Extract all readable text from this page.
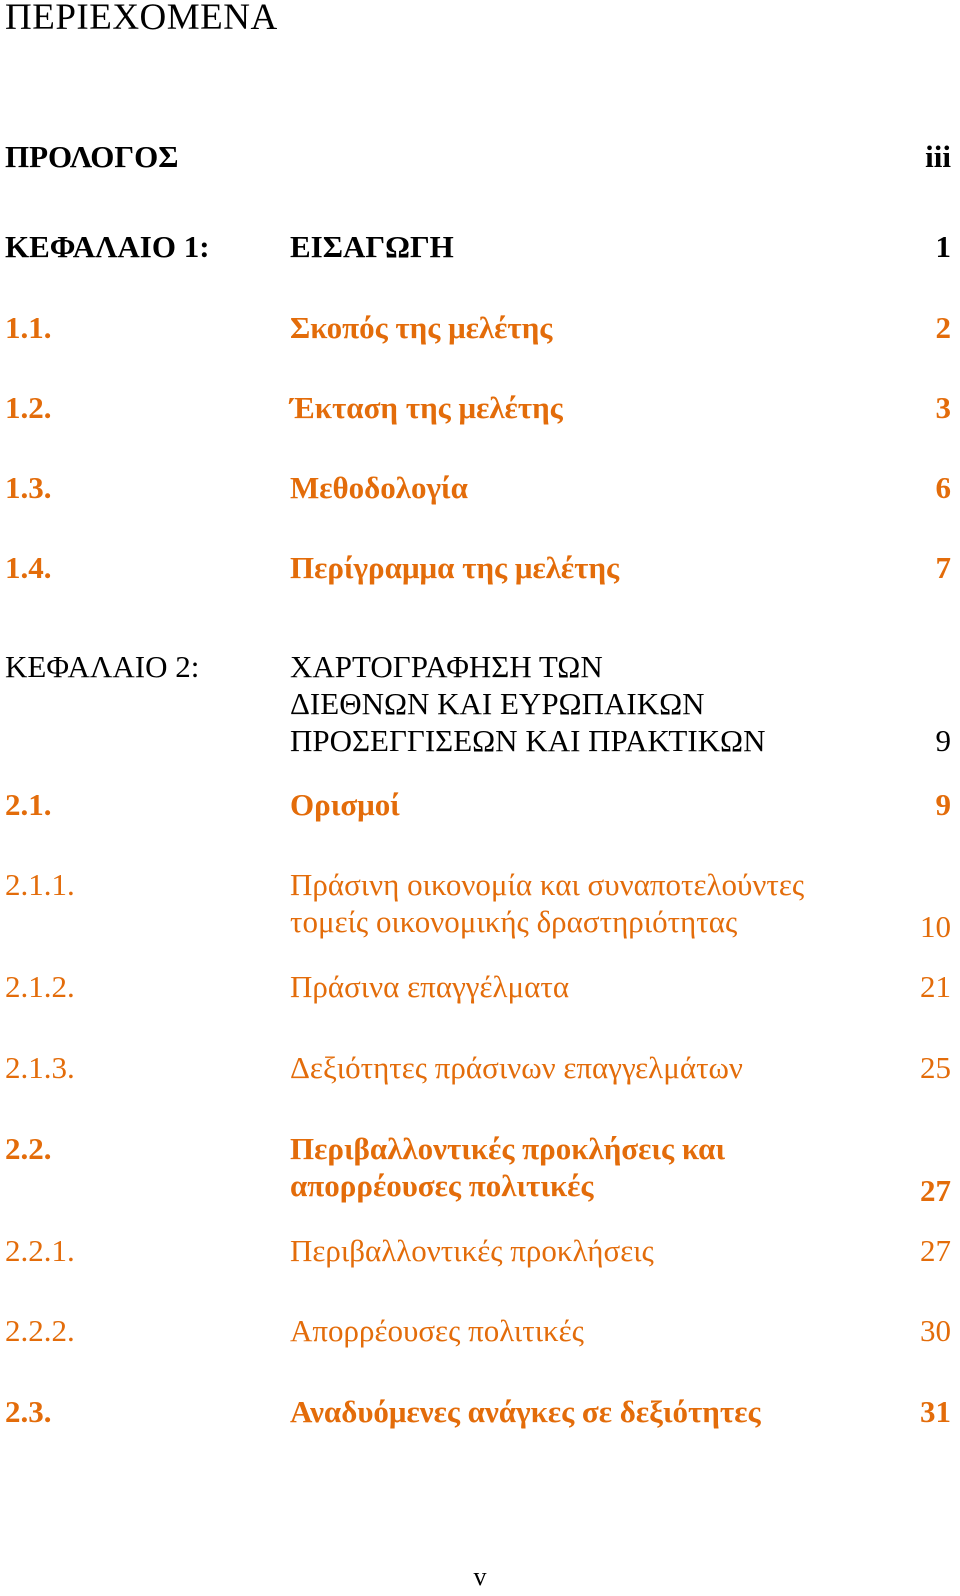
ΠΕΡΙΕΧΟΜΕΝΑ
ΠΡΟΛΟΓΟΣ	iii
ΚΕΦΑΛΑΙΟ 1:	ΕΙΣΑΓΩΓΗ	1
1.1.	Σκοπός της μελέτης	2
1.2.	Έκταση της μελέτης	3
1.3.	Μεθοδολογία	6
1.4.	Περίγραμμα της μελέτης	7
ΚΕΦΑΛΑΙΟ 2:	ΧΑΡΤΟΓΡΑΦΗΣΗ ΤΩΝ
ΔΙΕΘΝΩΝ ΚΑΙ ΕΥΡΩΠΑΙΚΩΝ
ΠΡΟΣΕΓΓΙΣΕΩΝ ΚΑΙ ΠΡΑΚΤΙΚΩΝ	9
2.1.	Ορισμοί	9
2.1.1.	Πράσινη οικονομία και συναποτελούντες
τομείς οικονομικής δραστηριότητας	10
2.1.2.	Πράσινα επαγγέλματα	21
2.1.3.	Δεξιότητες πράσινων επαγγελμάτων	25
2.2.	Περιβαλλοντικές προκλήσεις και
απορρέουσες πολιτικές	27
2.2.1.	Περιβαλλοντικές προκλήσεις	27
2.2.2.	Απορρέουσες πολιτικές	30
2.3.	Αναδυόμενες ανάγκες σε δεξιότητες	31
v
